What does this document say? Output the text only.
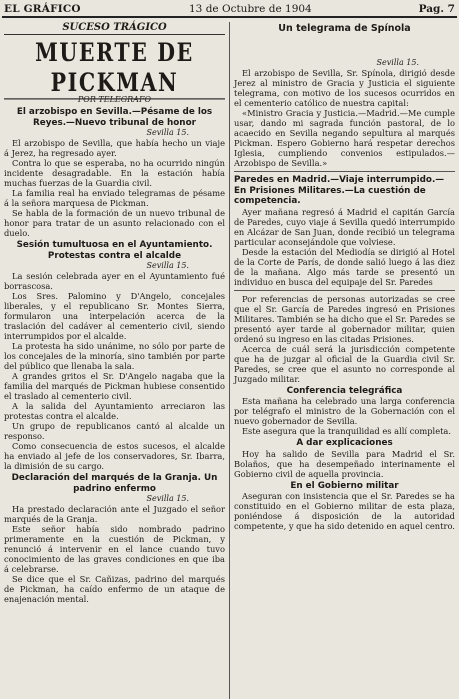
EL GRÁFICO	13 de Octubre de 1904	Pag. 7
SUCESO TRÁGICO
MUERTE DE PICKMAN
POR TELEGRAFO
El arzobispo en Sevilla.—Pésame de los Reyes.—Nuevo tribunal de honor
Sevilla 15.

El arzobispo de Sevilla, que había hecho un viaje á Jerez, ha regresado ayer.

Contra lo que se esperaba, no ha ocurrido ningún incidente desagradable. En la estación había muchas fuerzas de la Guardia civil.

La familia real ha enviado telegramas de pésame á la señora marquesa de Pickman.

Se habla de la formación de un nuevo tribunal de honor para tratar de un asunto relacionado con el duelo.

Sesión tumultuosa en el Ayuntamiento. Protestas contra el alcalde
Sevilla 15.

La sesión celebrada ayer en el Ayuntamiento fué borrascosa.

Los Sres. Palomino y D'Angelo, concejales liberales, y el republicano Sr. Montes Sierra, formularon una interpelación acerca de la traslación del cadáver al cementerio civil, siendo interrumpidos por el alcalde.

La protesta ha sido unánime, no sólo por parte de los concejales de la minoría, sino también por parte del público que llenaba la sala.

A grandes gritos el Sr. D'Angelo nagaba que la familia del marqués de Pickman hubiese consentido el traslado al cementerio civil.

A la salida del Ayuntamiento arreciaron las protestas contra el alcalde.

Un grupo de republicanos cantó al alcalde un responso.

Como consecuencia de estos sucesos, el alcalde ha enviado al jefe de los conservadores, Sr. Ibarra, la dimisión de su cargo.

Declaración del marqués de la Granja. Un padrino enfermo
Sevilla 15.

Ha prestado declaración ante el Juzgado el señor marqués de la Granja.

Este señor había sido nombrado padrino primeramente en la cuestión de Pickman, y renunció á intervenir en el lance cuando tuvo conocimiento de las graves condiciones en que iba á celebrarse.

Se dice que el Sr. Cañizas, padrino del marqués de Pickman, ha caído enfermo de un ataque de enajenación mental.

Un telegrama de Spínola
Sevilla 15.

El arzobispo de Sevilla, Sr. Spínola, dirigió desde Jerez al ministro de Gracia y Justicia el siguiente telegrama, con motivo de los sucesos ocurridos en el cementerio católico de nuestra capital:

«Ministro Gracia y Justicia.—Madrid.—Me cumple usar, dando mi sagrada función pastoral, de lo acaecido en Sevilla negando sepultura al marqués Pickman. Espero Gobierno hará respetar derechos Iglesia, cumpliendo convenios estipulados.—Arzobispo de Sevilla.»

Paredes en Madrid.—Viaje interrumpido.—En Prisiones Militares.—La cuestión de competencia.

Ayer mañana regresó á Madrid el capitán García de Paredes, cuyo viaje á Sevilla quedó interrumpido en Alcázar de San Juan, donde recibió un telegrama particular aconsejándole que volviese.

Desde la estación del Mediodía se dirigió al Hotel de la Corte de París, de donde salió luego á las diez de la mañana. Algo más tarde se presentó un individuo en busca del equipaje del Sr. Paredes

Por referencias de personas autorizadas se cree que el Sr. García de Paredes ingresó en Prisiones Militares. También se ha dicho que el Sr. Paredes se presentó ayer tarde al gobernador militar, quien ordenó su ingreso en las citadas Prisiones.

Acerca de cuál será la jurisdicción competente que ha de juzgar al oficial de la Guardia civil Sr. Paredes, se cree que el asunto no corresponde al Juzgado militar.

Conferencia telegráfica

Esta mañana ha celebrado una larga conferencia por telégrafo el ministro de la Gobernación con el nuevo gobernador de Sevilla.

Este asegura que la tranquilidad es allí completa.

A dar explicaciones

Hoy ha salido de Sevilla para Madrid el Sr. Bolaños, que ha desempeñado interinamente el Gobierno civil de aquella provincia.

En el Gobierno militar

Aseguran con insistencia que el Sr. Paredes se ha constituido en el Gobierno militar de esta plaza, poniéndose á disposición de la autoridad competente, y que ha sido detenido en aquel centro.
